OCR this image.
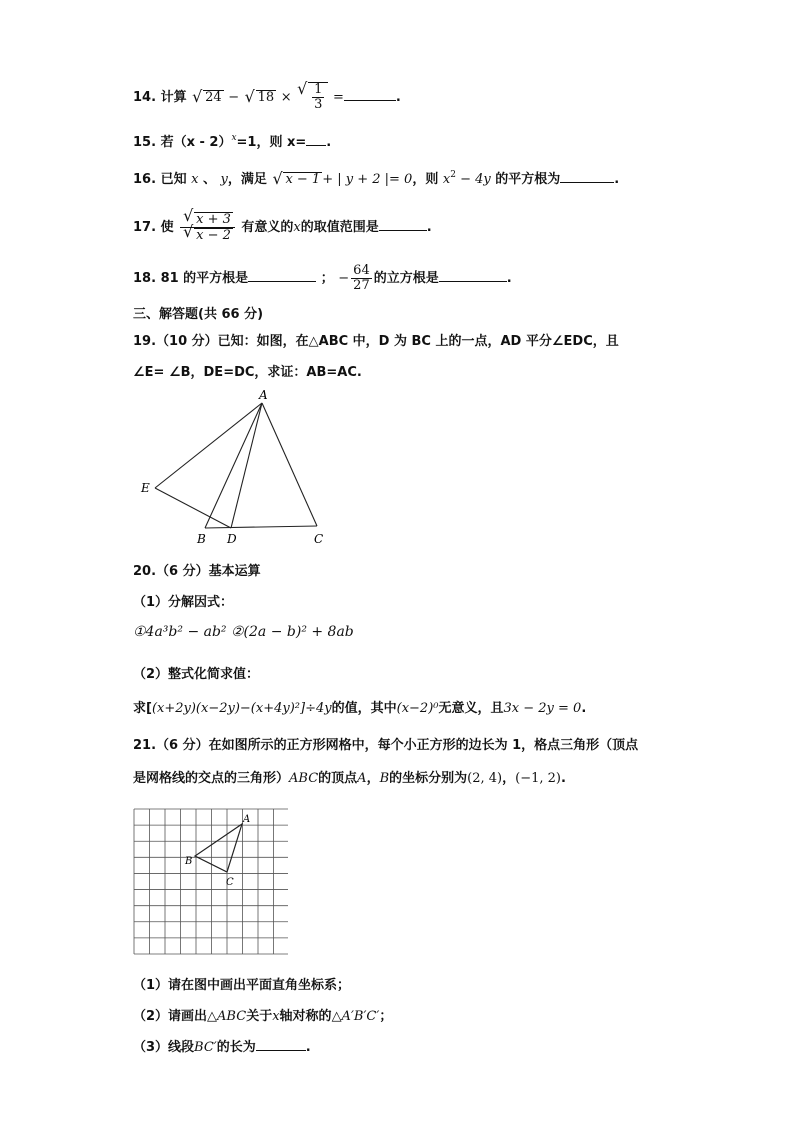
14. 计算 √ 24 − √ 18 × √ $\frac{1}{3}$ =	.
15. 若（x - 2）$^x$=1，则 x= .
16. 已知 x 、 y，满足 √ x − 1 + | y + 2 |= 0，则 $x^2 - 4y$ 的平方根为	.
17. 使 √ x + 3
√ x − 2 有意义的x的取值范围是	.
18. 81 的平方根是	； − $\frac{64}{27}$ 的立方根是	.
三、解答题(共 66 分)
19.（10 分）已知：如图，在△ABC 中，D 为 BC 上的一点，AD 平分∠EDC，且
∠E= ∠B，DE=DC，求证：AB=AC.
A
E
B D	C
20.（6 分）基本运算
（1）分解因式：
①4a³b² − ab² ②(2a − b)² + 8ab
（2）整式化简求值：
求[(x+2y)(x−2y)−(x+4y)²]÷4y的值，其中(x−2)⁰无意义，且3x − 2y = 0.
21.（6 分）在如图所示的正方形网格中，每个小正方形的边长为 1，格点三角形（顶点
是网格线的交点的三角形）ABC的顶点A，B的坐标分别为(2, 4)，(−1, 2).
A
B
C
（1）请在图中画出平面直角坐标系；
（2）请画出△ABC关于x轴对称的△A′B′C′；
（3）线段BC′的长为	.
